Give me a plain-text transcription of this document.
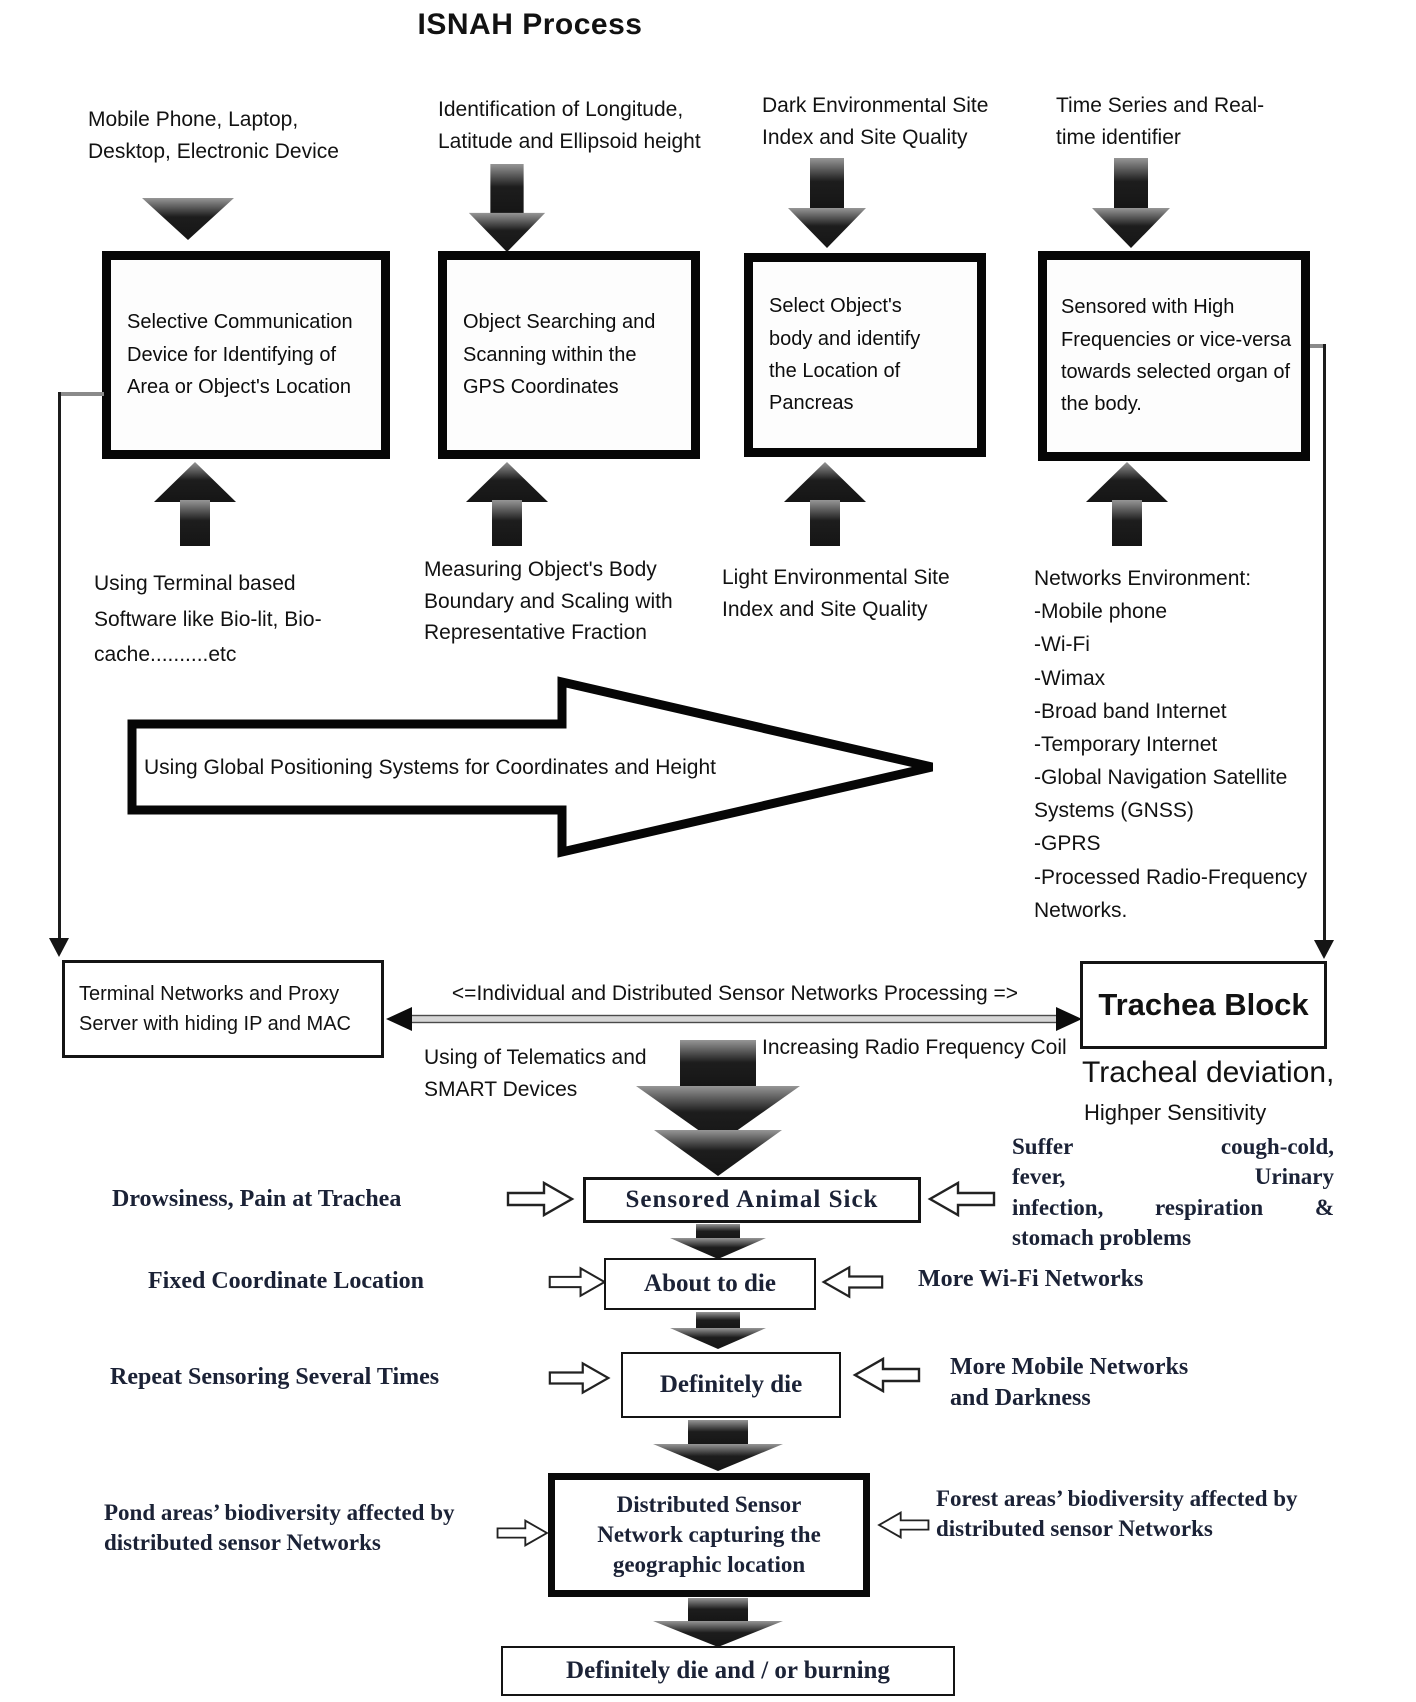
ISNAH Process
Mobile Phone, Laptop, Desktop, Electronic Device
Identification of Longitude, Latitude and Ellipsoid height
Dark Environmental Site Index and Site Quality
Time Series and Real-time identifier
Selective Communication Device for Identifying of Area or Object's Location
Object Searching and Scanning within the GPS Coordinates
Select Object's body and identify the Location of Pancreas
Sensored with High Frequencies or vice-versa towards selected organ of the body.
Using Terminal based Software like Bio-lit, Bio-cache..........etc
Measuring Object's Body Boundary and Scaling with Representative Fraction
Light Environmental Site Index and Site Quality
Networks Environment:
-Mobile phone
-Wi-Fi
-Wimax
-Broad band Internet
-Temporary Internet
-Global Navigation Satellite Systems (GNSS)
-GPRS
-Processed Radio-Frequency Networks.
Using Global Positioning Systems for Coordinates and Height
Terminal Networks and Proxy Server with hiding IP and MAC
<=Individual and Distributed Sensor Networks Processing =>
Using of Telematics and SMART Devices
Increasing Radio Frequency Coil
Trachea Block
Tracheal deviation,
Highper Sensitivity
Drowsiness, Pain at Trachea	Sensored Animal Sick
Suffer cough-cold,
fever, Urinary
infection, respiration &
stomach problems
Fixed Coordinate Location	About to die	More Wi-Fi Networks
Repeat Sensoring Several Times	Definitely die
More Mobile Networks and Darkness
Pond areas’ biodiversity affected by distributed sensor Networks
Distributed Sensor Network capturing the geographic location
Forest areas’ biodiversity affected by distributed sensor Networks
Definitely die and / or burning
